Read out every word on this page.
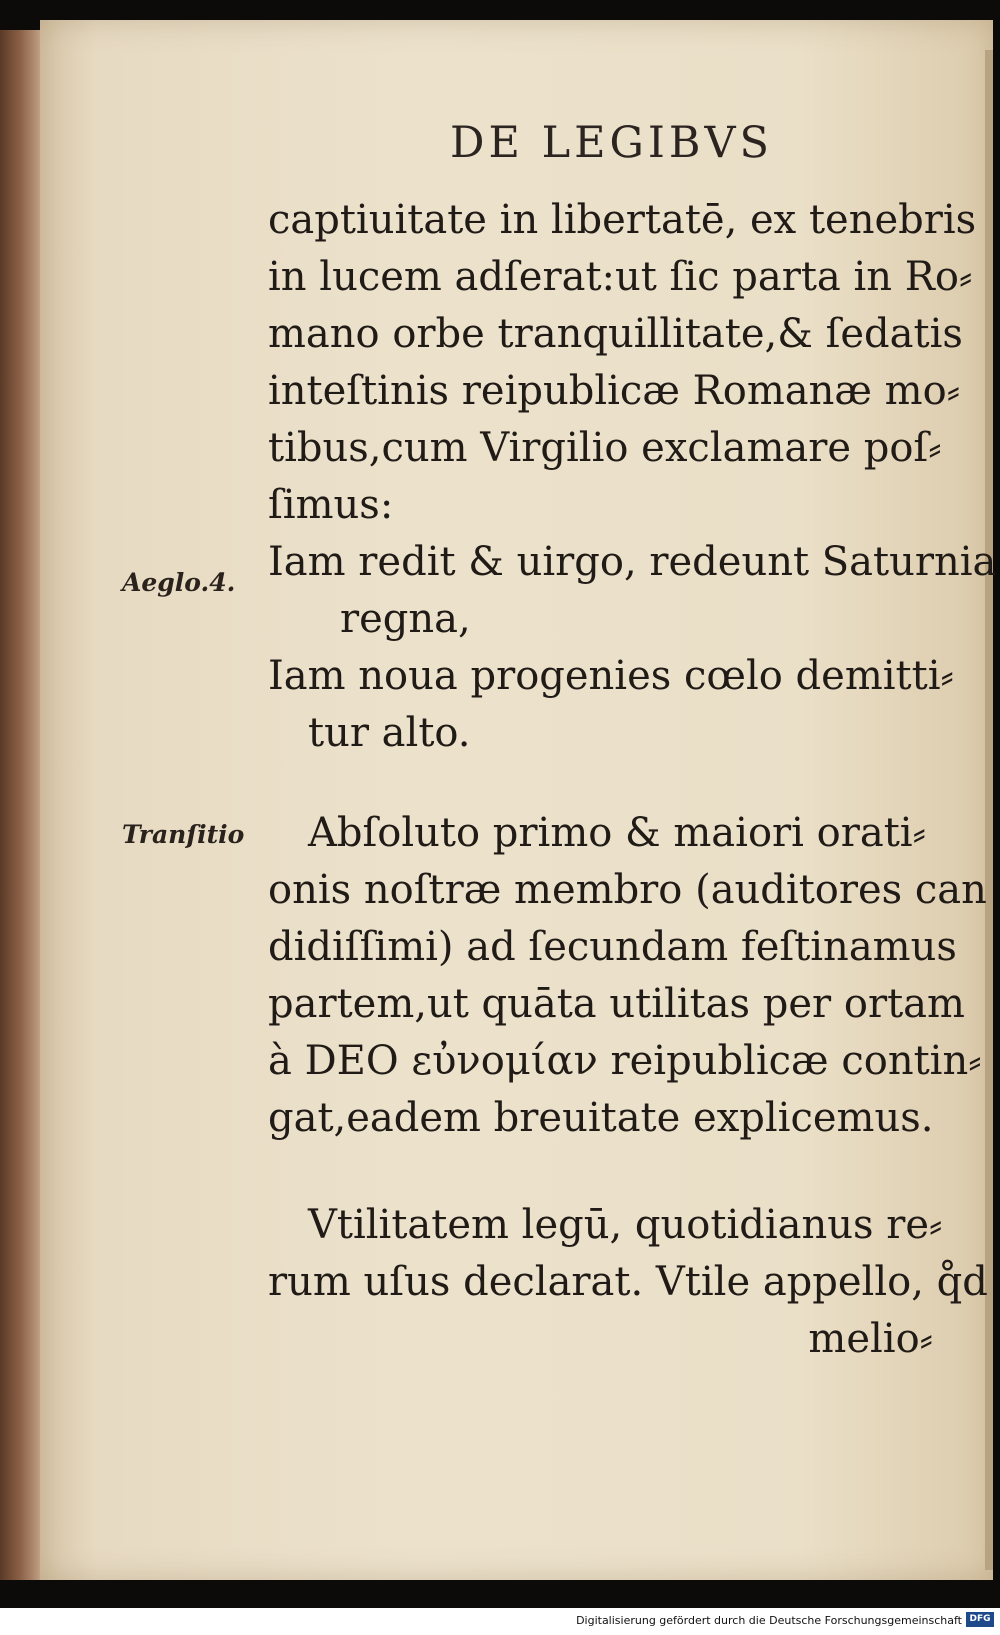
DE LEGIBVS
captiuitate in libertatē, ex tenebris
in lucem adſerat:ut ſic parta in Ro⸗
mano orbe tranquillitate,& ſedatis
inteſtinis reipublicæ Romanæ mo⸗
tibus,cum Virgilio exclamare poſ⸗
ſimus:
Iam redit & uirgo, redeunt Saturnia
Aeglo.4.
regna,
Iam noua progenies cœlo demitti⸗
tur alto.
Tranſitio Abſoluto primo & maiori orati⸗
onis noſtræ membro (auditores can
didiſſimi) ad ſecundam feſtinamus
partem,ut quāta utilitas per ortam
à DEO εὐνομίαν reipublicæ contin⸗
gat,eadem breuitate explicemus.
Vtilitatem legū, quotidianus re⸗
rum uſus declarat. Vtile appello, q̊d
melio⸗
Digitalisierung gefördert durch die Deutsche Forschungsgemeinschaft DFG
